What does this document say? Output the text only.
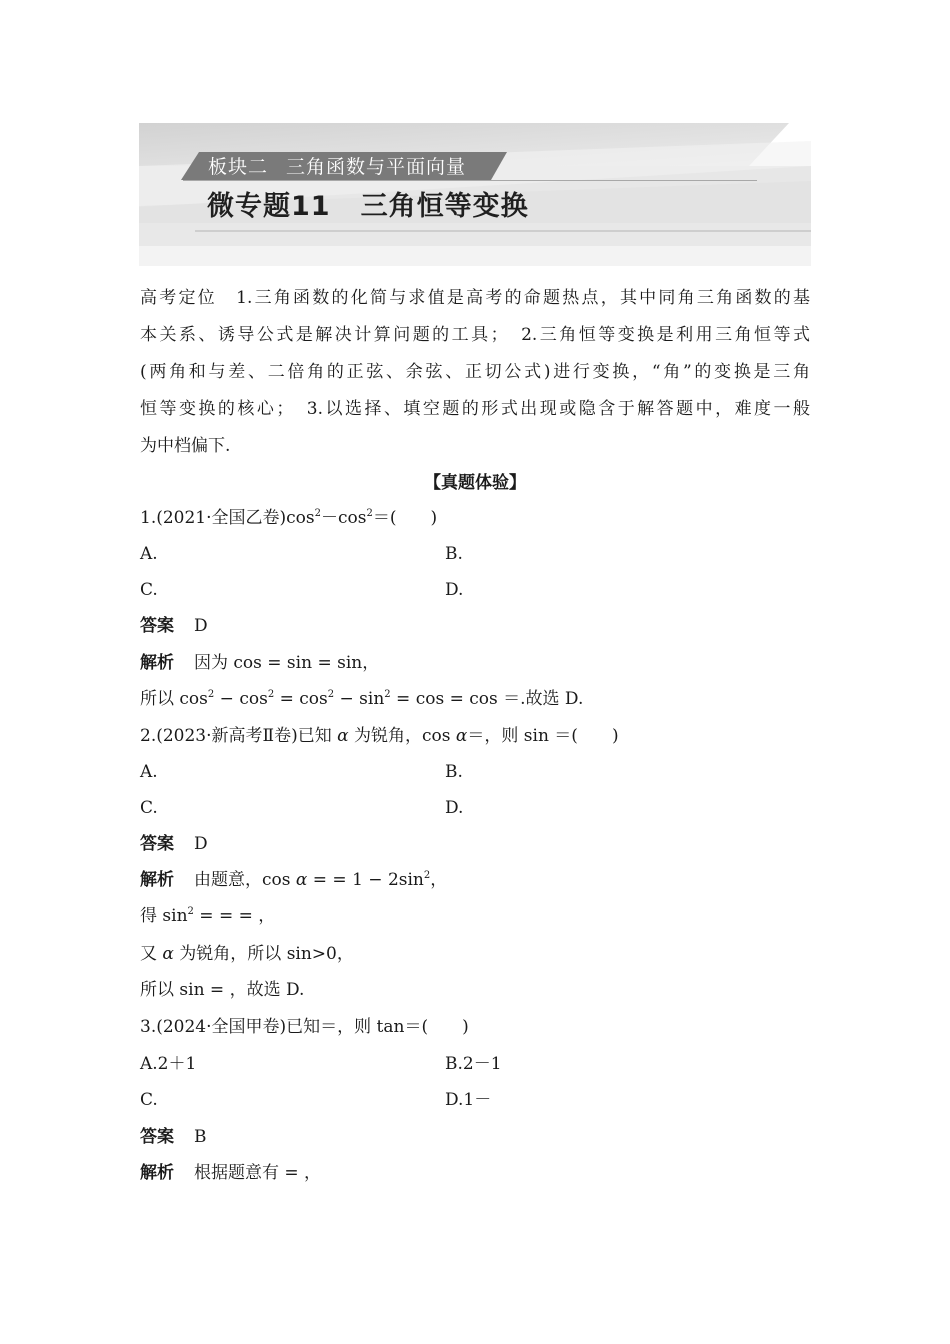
板块二 三角函数与平面向量
微专题11 三角恒等变换
高考定位　1.三角函数的化简与求值是高考的命题热点，其中同角三角函数的基
本关系、诱导公式是解决计算问题的工具；　2.三角恒等变换是利用三角恒等式
(两角和与差、二倍角的正弦、余弦、正切公式)进行变换，“角”的变换是三角
恒等变换的核心；　3.以选择、填空题的形式出现或隐含于解答题中，难度一般
为中档偏下.
【真题体验】
1.(2021·全国乙卷)$\cos^2-\cos^2=$(　　)
A.	B.
C.	D.
答案 D
解析 因为 cos = sin = sin，
所以 $\cos^2 - \cos^2 = \cos^2 - \sin^2 = \cos = \cos$ ＝.故选 D.
2.(2023·新高考Ⅱ卷)已知 α 为锐角，cos α＝，则 sin ＝(　　)
A.	B.
C.	D.
答案 D
解析 由题意，cos α = = $1 - 2\sin^2$，
得 $\sin^2$ = = = ，
又 α 为锐角，所以 sin>0，
所以 sin = ，故选 D.
3.(2024·全国甲卷)已知＝，则 tan＝(　　)
A.2＋1	B.2－1
C.	D.1－
答案 B
解析 根据题意有 = ，
